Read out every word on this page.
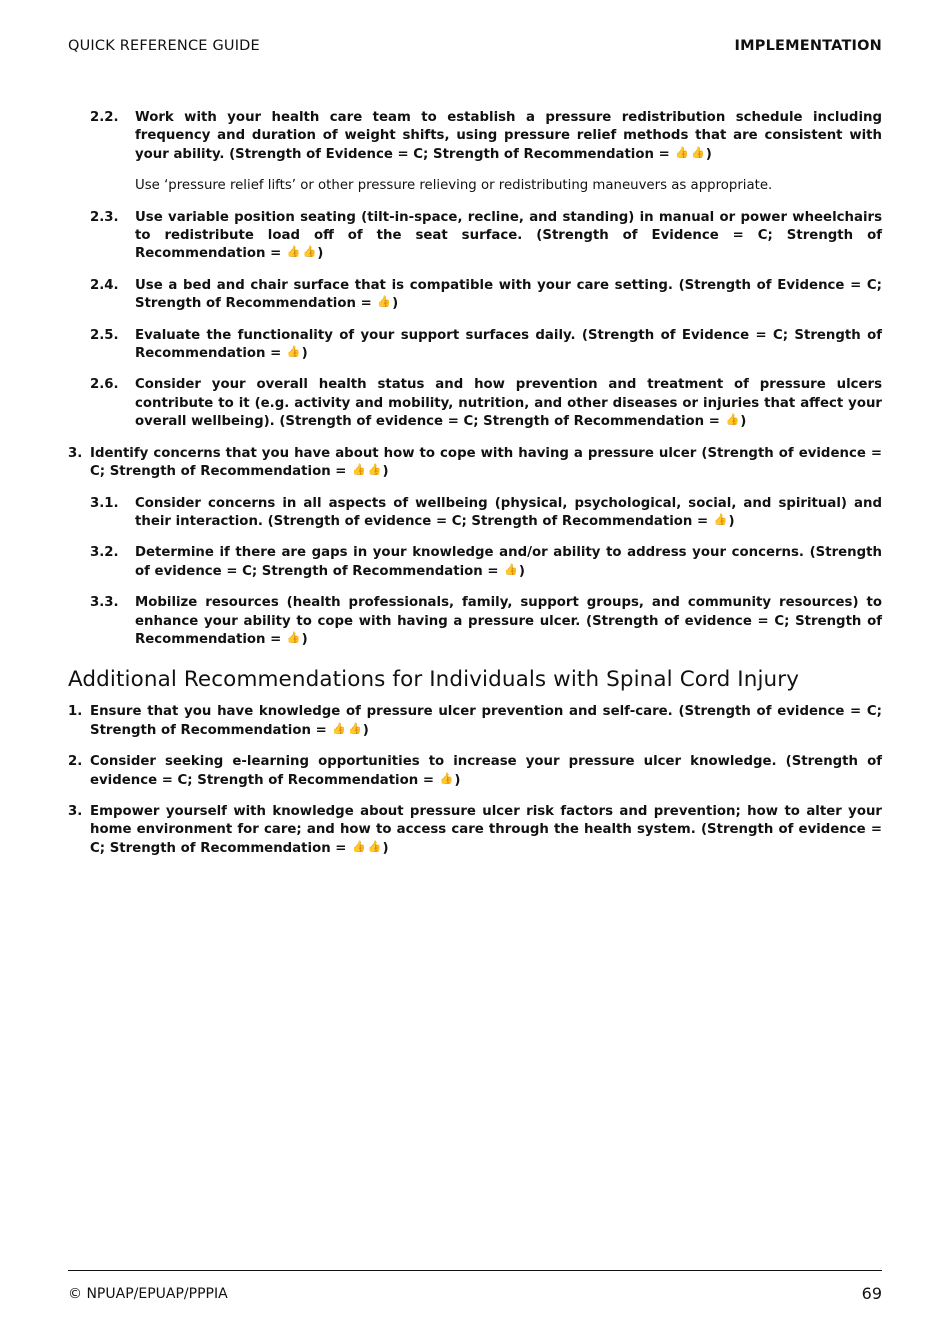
QUICK REFERENCE GUIDE	IMPLEMENTATION
2.2.	Work with your health care team to establish a pressure redistribution schedule including frequency and duration of weight shifts, using pressure relief methods that are consistent with your ability. (Strength of Evidence = C; Strength of Recommendation = 👍 👍)
Use ‘pressure relief lifts’ or other pressure relieving or redistributing maneuvers as appropriate.
2.3.	Use variable position seating (tilt-in-space, recline, and standing) in manual or power wheelchairs to redistribute load off of the seat surface. (Strength of Evidence = C; Strength of Recommendation = 👍 👍)
2.4.	Use a bed and chair surface that is compatible with your care setting. (Strength of Evidence = C; Strength of Recommendation = 👍)
2.5.	Evaluate the functionality of your support surfaces daily. (Strength of Evidence = C; Strength of Recommendation = 👍)
2.6.	Consider your overall health status and how prevention and treatment of pressure ulcers contribute to it (e.g. activity and mobility, nutrition, and other diseases or injuries that affect your overall wellbeing). (Strength of evidence = C; Strength of Recommendation = 👍)
3. Identify concerns that you have about how to cope with having a pressure ulcer (Strength of evidence = C; Strength of Recommendation = 👍 👍)
3.1.	Consider concerns in all aspects of wellbeing (physical, psychological, social, and spiritual) and their interaction. (Strength of evidence = C; Strength of Recommendation = 👍)
3.2.	Determine if there are gaps in your knowledge and/or ability to address your concerns. (Strength of evidence = C; Strength of Recommendation = 👍)
3.3.	Mobilize resources (health professionals, family, support groups, and community resources) to enhance your ability to cope with having a pressure ulcer. (Strength of evidence = C; Strength of Recommendation = 👍)
Additional Recommendations for Individuals with Spinal Cord Injury
1. Ensure that you have knowledge of pressure ulcer prevention and self-care. (Strength of evidence = C; Strength of Recommendation = 👍 👍)
2. Consider seeking e-learning opportunities to increase your pressure ulcer knowledge. (Strength of evidence = C; Strength of Recommendation = 👍)
3. Empower yourself with knowledge about pressure ulcer risk factors and prevention; how to alter your home environment for care; and how to access care through the health system. (Strength of evidence = C; Strength of Recommendation = 👍 👍)
© NPUAP/EPUAP/PPPIA	69
